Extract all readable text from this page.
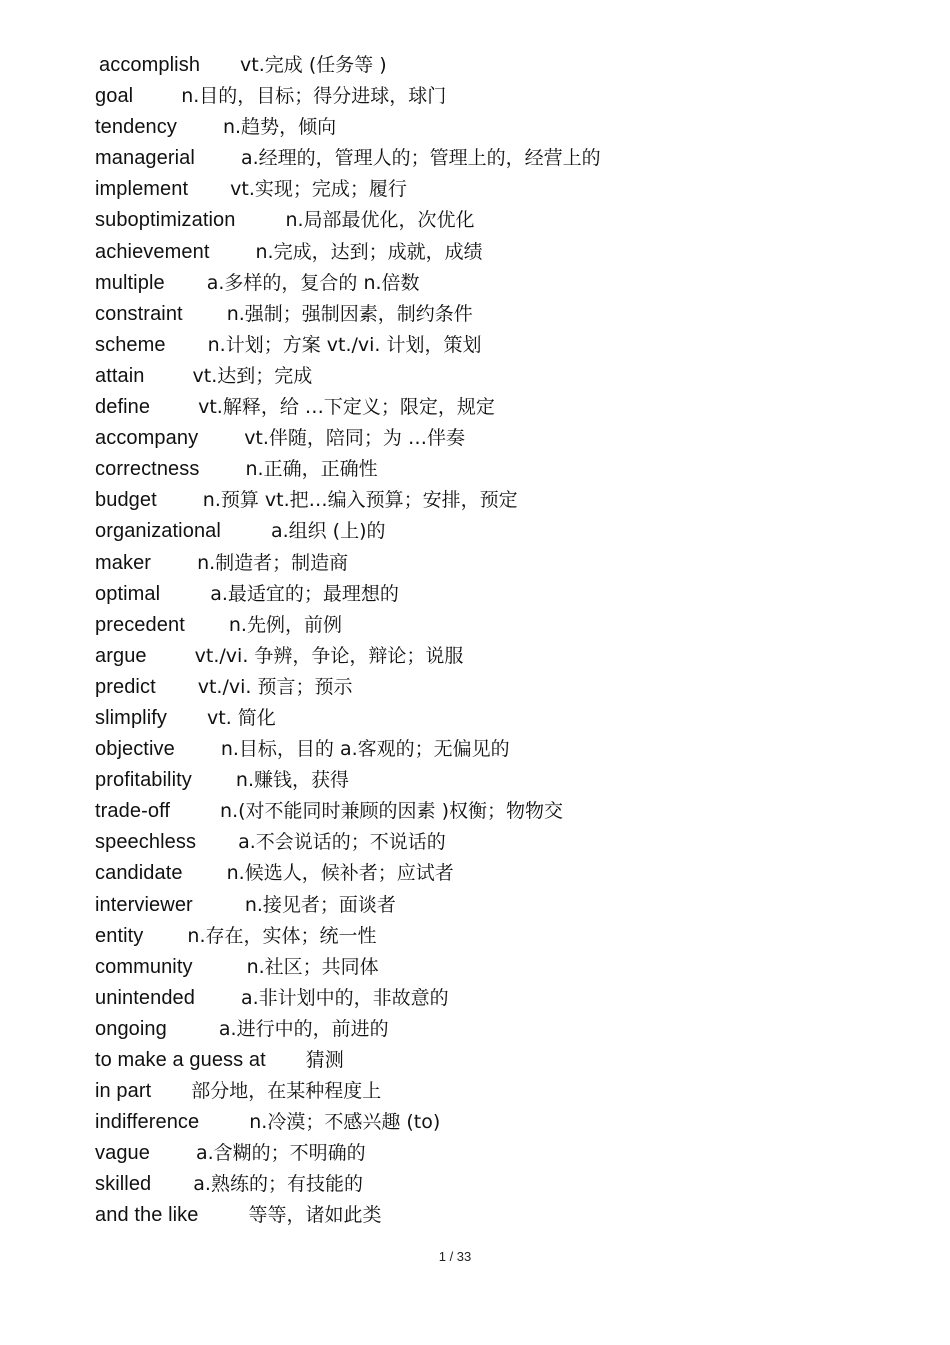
accomplish vt.完成 (任务等 )
goal	n.目的，目标；得分进球，球门
tendency n.趋势，倾向
managerial a.经理的，管理人的；管理上的，经营上的
implement vt.实现；完成；履行
suboptimization	n.局部最优化，次优化
achievement n.完成，达到；成就，成绩
multiple a.多样的，复合的 n.倍数
constraint n.强制；强制因素，制约条件
scheme n.计划；方案 vt./vi. 计划，策划
attain	vt.达到；完成
define	vt.解释，给 …下定义；限定，规定
accompany vt.伴随，陪同；为 …伴奏
correctness n.正确，正确性
budget n.预算 vt.把…编入预算；安排，预定
organizational	a.组织 (上)的
maker n.制造者；制造商
optimal	a.最适宜的；最理想的
precedent n.先例，前例
argue	vt./vi. 争辨，争论，辩论；说服
predict vt./vi. 预言；预示
slimplify vt. 简化
objective n.目标，目的 a.客观的；无偏见的
profitability n.赚钱，获得
trade-off	n.(对不能同时兼顾的因素 )权衡；物物交
speechless a.不会说话的；不说话的
candidate n.候选人，候补者；应试者
interviewer	n.接见者；面谈者
entity n.存在，实体；统一性
community	n.社区；共同体
unintended a.非计划中的，非故意的
ongoing	a.进行中的，前进的
to make a guess at 猜测
in part 部分地，在某种程度上
indifference	n.冷漠；不感兴趣 (to)
vague a.含糊的；不明确的
skilled a.熟练的；有技能的
and the like	等等，诸如此类
1 / 33
